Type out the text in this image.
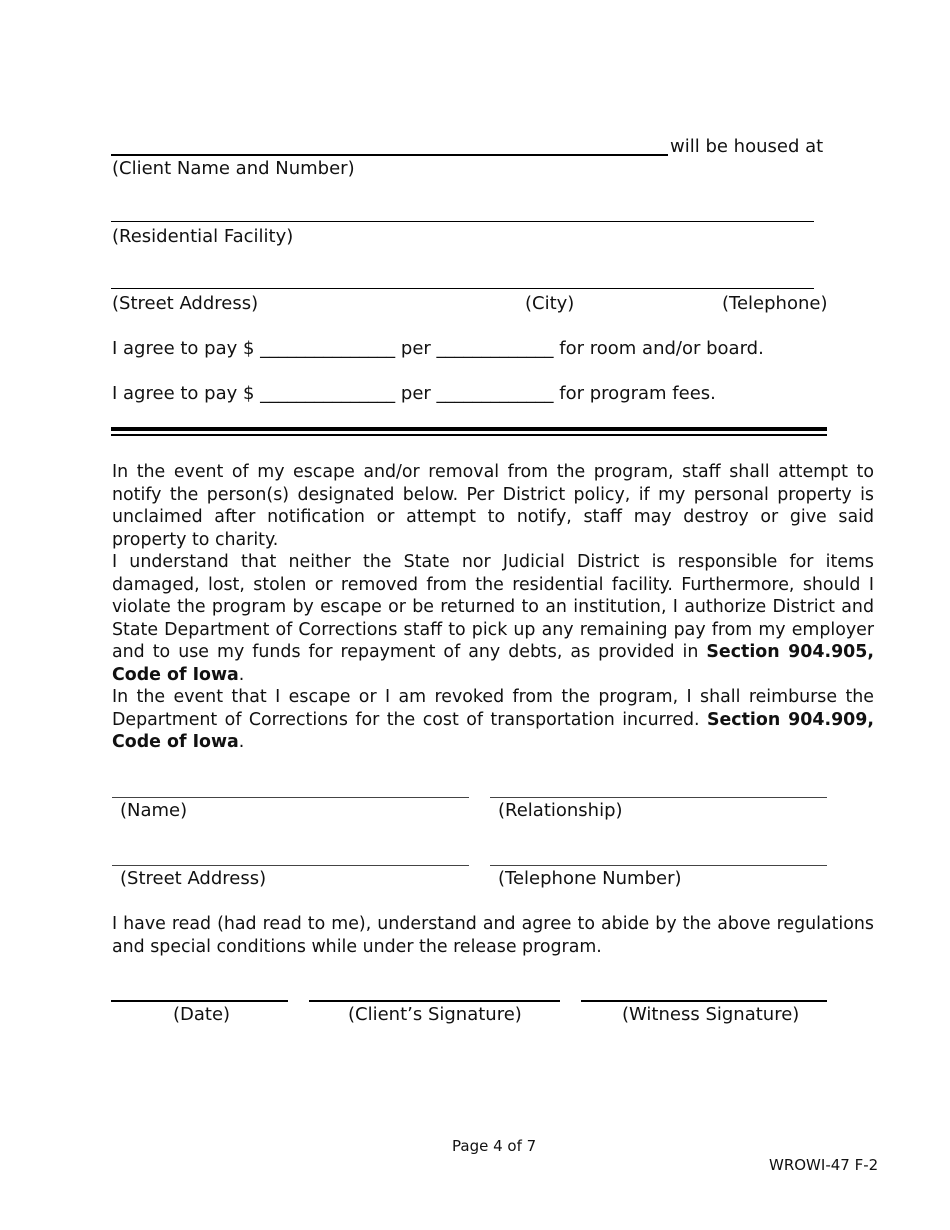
will be housed at
(Client Name and Number)
(Residential Facility)
(Street Address)	(City)	(Telephone)
I agree to pay $ _______________ per _____________ for room and/or board.
I agree to pay $ _______________ per _____________ for program fees.
In the event of my escape and/or removal from the program, staff shall attempt to notify the person(s) designated below. Per District policy, if my personal property is unclaimed after notification or attempt to notify, staff may destroy or give said property to charity.
I understand that neither the State nor Judicial District is responsible for items damaged, lost, stolen or removed from the residential facility. Furthermore, should I violate the program by escape or be returned to an institution, I authorize District and State Department of Corrections staff to pick up any remaining pay from my employer and to use my funds for repayment of any debts, as provided in Section 904.905, Code of Iowa.
In the event that I escape or I am revoked from the program, I shall reimburse the Department of Corrections for the cost of transportation incurred. Section 904.909, Code of Iowa.
(Name)	(Relationship)
(Street Address)	(Telephone Number)
I have read (had read to me), understand and agree to abide by the above regulations and special conditions while under the release program.
(Date)	(Client’s Signature)	(Witness Signature)
Page 4 of 7
WROWI-47 F-2
